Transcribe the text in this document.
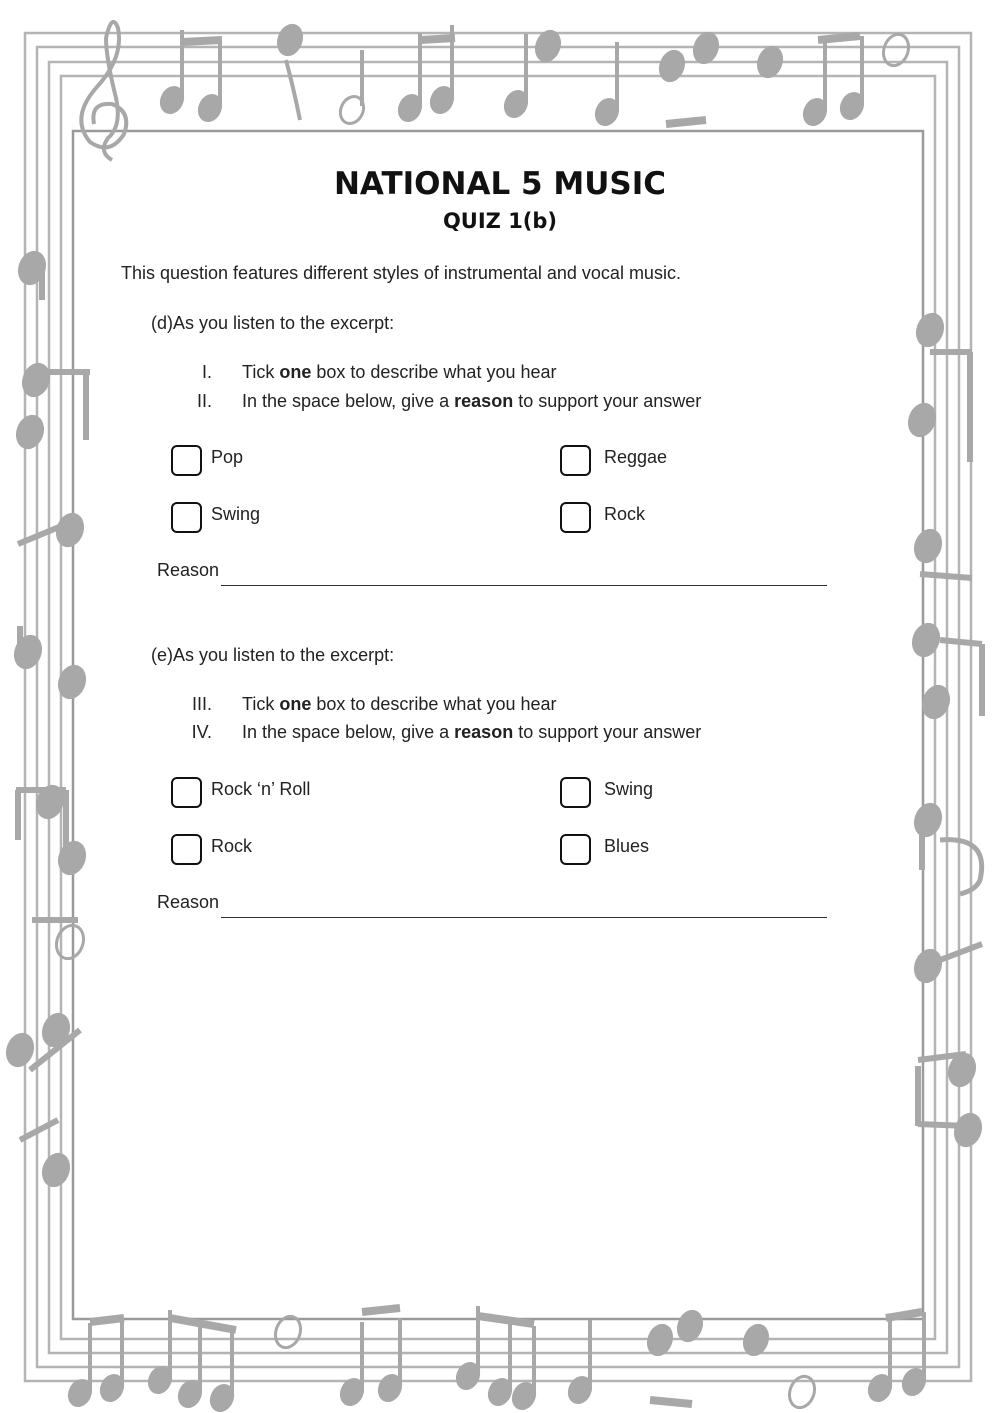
NATIONAL 5 MUSIC
QUIZ 1(b)
This question features different styles of instrumental and vocal music.
(d)As you listen to the excerpt:
I. Tick one box to describe what you hear
II. In the space below, give a reason to support your answer
Pop	Reggae
Swing	Rock
Reason
(e)As you listen to the excerpt:
III. Tick one box to describe what you hear
IV. In the space below, give a reason to support your answer
Rock ‘n’ Roll	Swing
Rock	Blues
Reason
